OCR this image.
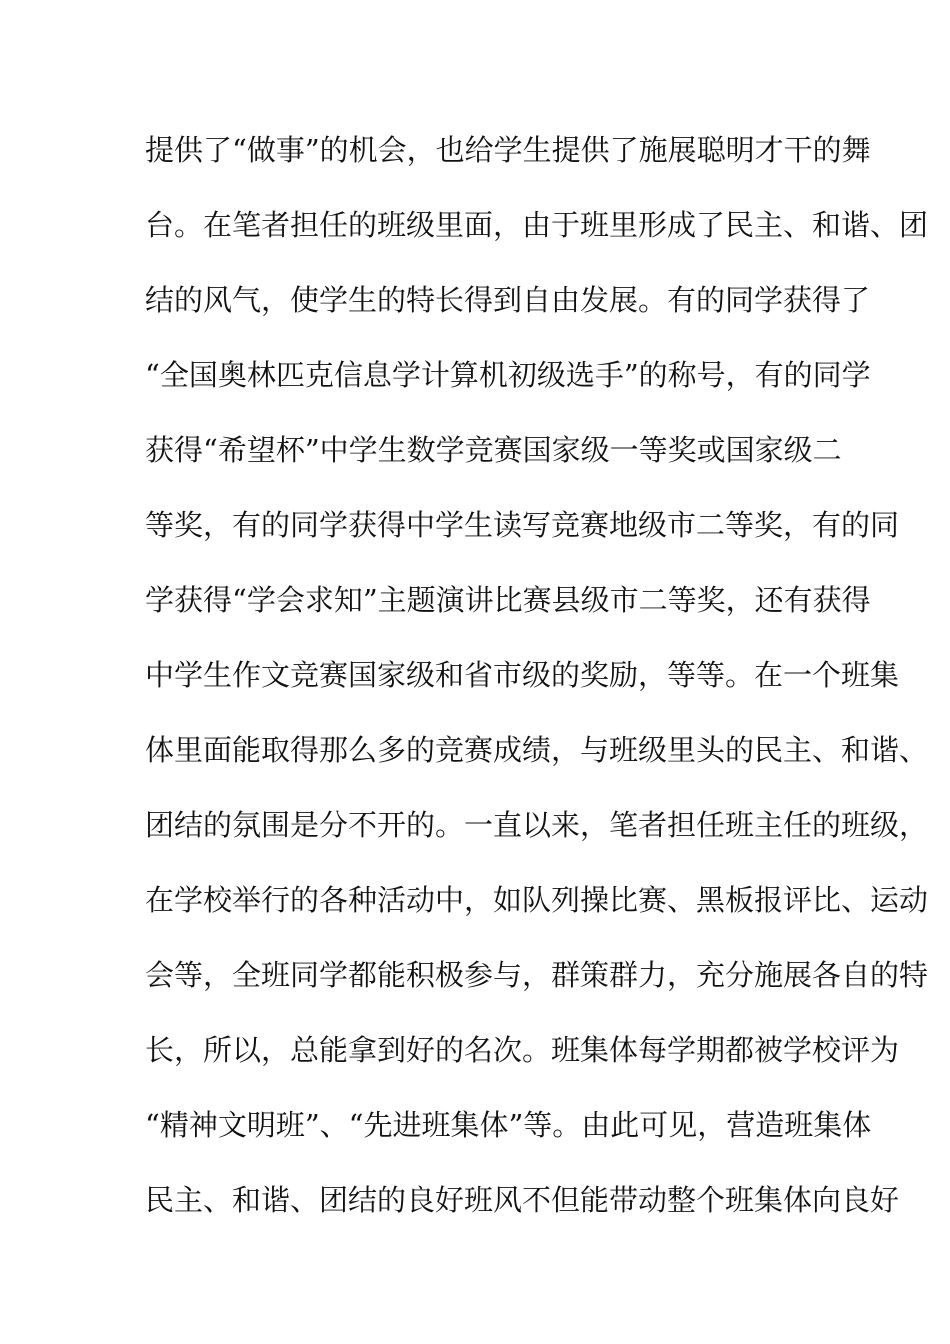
提供了“做事”的机会，也给学生提供了施展聪明才干的舞
台。在笔者担任的班级里面，由于班里形成了民主、和谐、团
结的风气，使学生的特长得到自由发展。有的同学获得了
“全国奥林匹克信息学计算机初级选手”的称号，有的同学
获得“希望杯”中学生数学竞赛国家级一等奖或国家级二
等奖，有的同学获得中学生读写竞赛地级市二等奖，有的同
学获得“学会求知”主题演讲比赛县级市二等奖，还有获得
中学生作文竞赛国家级和省市级的奖励，等等。在一个班集
体里面能取得那么多的竞赛成绩，与班级里头的民主、和谐、
团结的氛围是分不开的。一直以来，笔者担任班主任的班级，
在学校举行的各种活动中，如队列操比赛、黑板报评比、运动
会等，全班同学都能积极参与，群策群力，充分施展各自的特
长，所以，总能拿到好的名次。班集体每学期都被学校评为
“精神文明班”、“先进班集体”等。由此可见，营造班集体
民主、和谐、团结的良好班风不但能带动整个班集体向良好
